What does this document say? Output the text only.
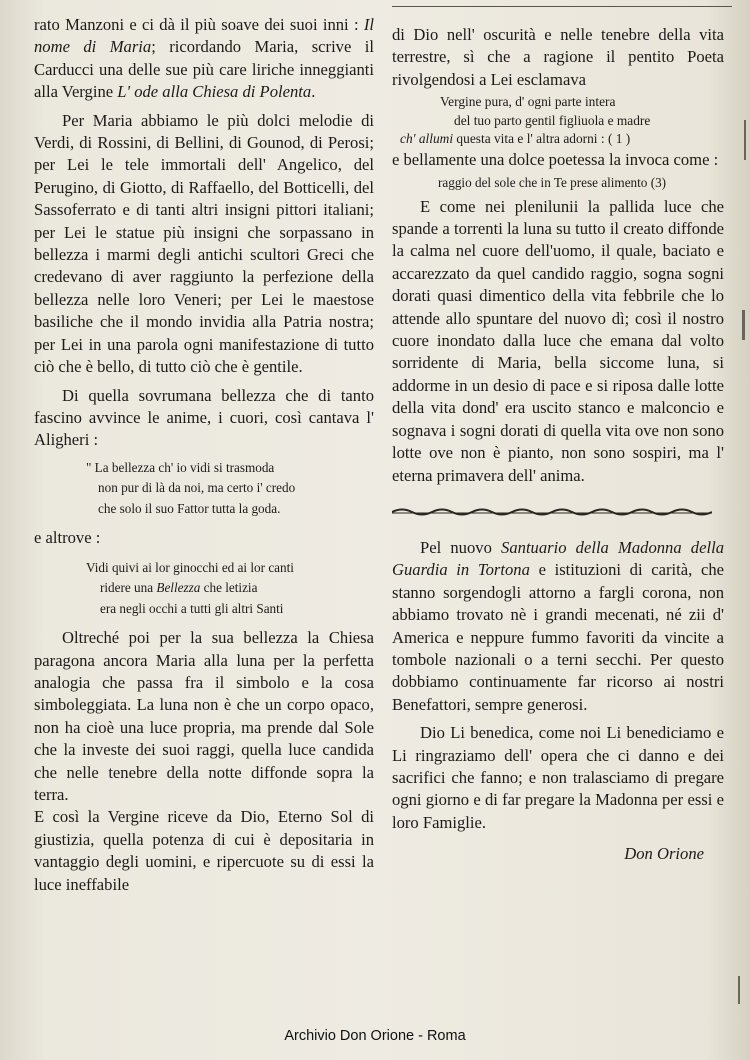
rato Manzoni e ci dà il più soave dei suoi inni : Il nome di Maria; ricordando Maria, scrive il Carducci una delle sue più care liriche inneggianti alla Vergine L' ode alla Chiesa di Polenta.

Per Maria abbiamo le più dolci melodie di Verdi, di Rossini, di Bellini, di Gounod, di Perosi; per Lei le tele immortali dell' Angelico, del Perugino, di Giotto, di Raffaello, del Botticelli, del Sassoferrato e di tanti altri insigni pittori italiani; per Lei le statue più insigni che sorpassano in bellezza i marmi degli antichi scultori Greci che credevano di aver raggiunto la perfezione della bellezza nelle loro Veneri; per Lei le maestose basiliche che il mondo invidia alla Patria nostra; per Lei in una parola ogni manifestazione di tutto ciò che è bello, di tutto ciò che è gentile.

Di quella sovrumana bellezza che di tanto fascino avvince le anime, i cuori, così cantava l' Aligheri :

" La bellezza ch' io vidi si trasmoda
non pur di là da noi, ma certo i' credo
che solo il suo Fattor tutta la goda.

e altrove :

Vidi quivi ai lor ginocchi ed ai lor canti
ridere una Bellezza che letizia
era negli occhi a tutti gli altri Santi

Oltreché poi per la sua bellezza la Chiesa paragona ancora Maria alla luna per la perfetta analogia che passa fra il simbolo e la cosa simboleggiata. La luna non è che un corpo opaco, non ha cioè una luce propria, ma prende dal Sole che la investe dei suoi raggi, quella luce candida che nelle tenebre della notte diffonde sopra la terra.

E così la Vergine riceve da Dio, Eterno Sol di giustizia, quella potenza di cui è depositaria in vantaggio degli uomini, e ripercuote su di essi la luce ineffabile

di Dio nell' oscurità e nelle tenebre della vita terrestre, sì che a ragione il pentito Poeta rivolgendosi a Lei esclamava

Vergine pura, d' ogni parte intera
del tuo parto gentil figliuola e madre
ch' allumi questa vita e l' altra adorni : ( 1 )

e bellamente una dolce poetessa la invoca come :

raggio del sole che in Te prese alimento (3)

E come nei plenilunii la pallida luce che spande a torrenti la luna su tutto il creato diffonde la calma nel cuore dell'uomo, il quale, baciato e accarezzato da quel candido raggio, sogna sogni dorati quasi dimentico della vita febbrile che lo attende allo spuntare del nuovo dì; così il nostro cuore inondato dalla luce che emana dal volto sorridente di Maria, bella siccome luna, si addorme in un desio di pace e si riposa dalle lotte della vita dond' era uscito stanco e malconcio e sognava i sogni dorati di quella vita ove non sono lotte ove non è pianto, non sono sospiri, ma l' eterna primavera dell' anima.

Pel nuovo Santuario della Madonna della Guardia in Tortona e istituzioni di carità, che stanno sorgendogli attorno a fargli corona, non abbiamo trovato nè i grandi mecenati, né zii d' America e neppure fummo favoriti da vincite a tombole nazionali o a terni secchi. Per questo dobbiamo continuamente far ricorso ai nostri Benefattori, sempre generosi.

Dio Li benedica, come noi Li benediciamo e Li ringraziamo dell' opera che ci danno e dei sacrifici che fanno; e non tralasciamo di pregare ogni giorno e di far pregare la Madonna per essi e loro Famiglie.

Don Orione
Archivio Don Orione - Roma
